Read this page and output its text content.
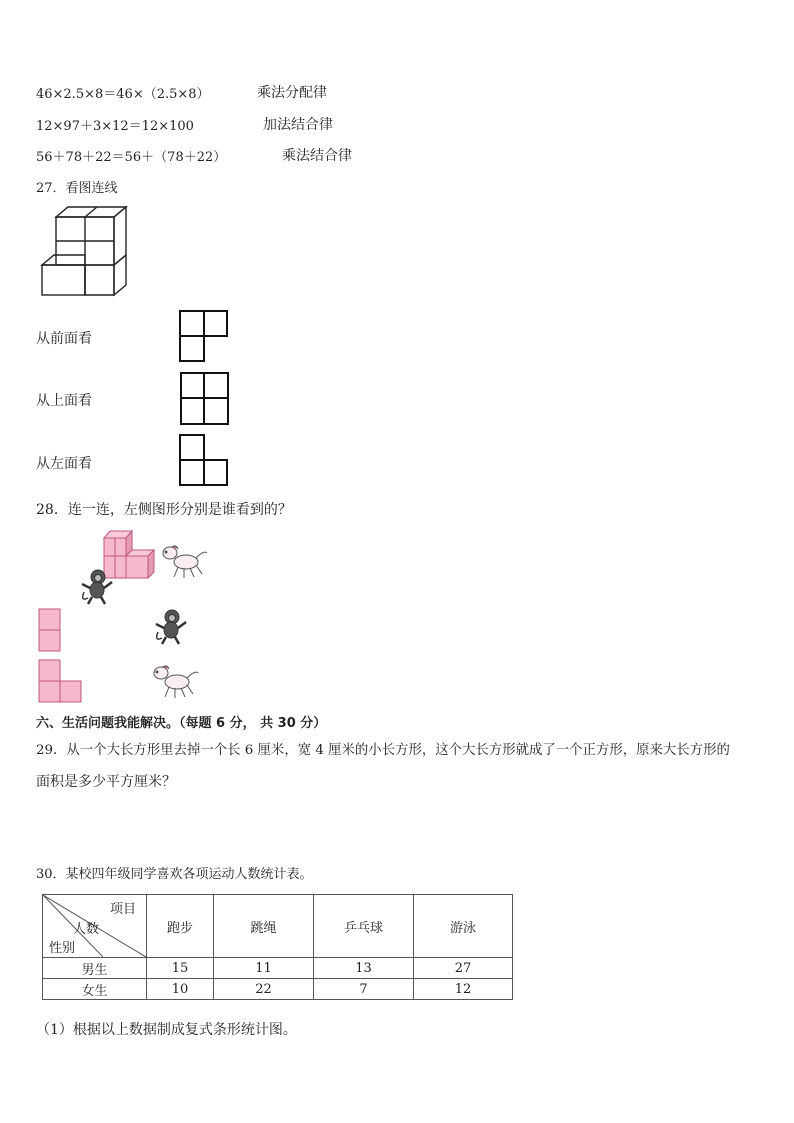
46×2.5×8＝46×（2.5×8）	乘法分配律
12×97＋3×12＝12×100	加法结合律
56＋78＋22＝56＋（78＋22）	乘法结合律
27．看图连线
从前面看
从上面看
从左面看
28．连一连，左侧图形分别是谁看到的？
六、生活问题我能解决。（每题 6 分， 共 30 分）
29．从一个大长方形里去掉一个长 6 厘米，宽 4 厘米的小长方形，这个大长方形就成了一个正方形，原来大长方形的
面积是多少平方厘米？
30．某校四年级同学喜欢各项运动人数统计表。
项目
人数
性别	跑步	跳绳	乒乓球	游泳
男生	15	11	13	27
女生	10	22	7	12
（1）根据以上数据制成复式条形统计图。
